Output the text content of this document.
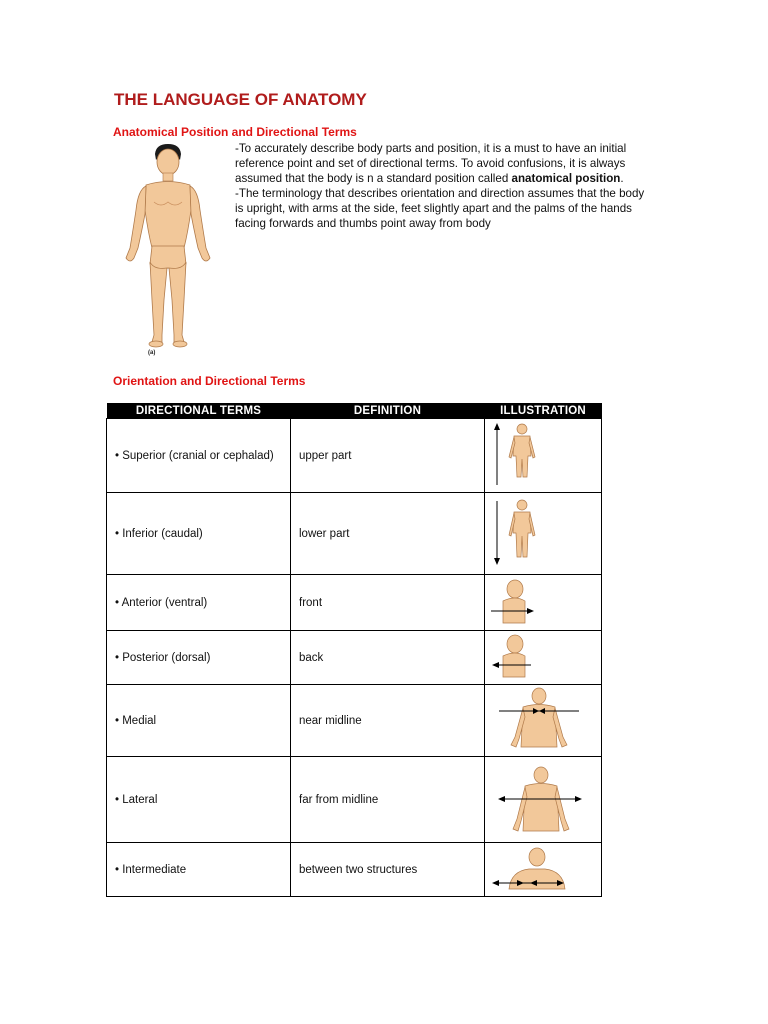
THE LANGUAGE OF ANATOMY
Anatomical Position and Directional Terms
(a)

-To accurately describe body parts and position, it is a must to have an initial reference point and set of directional terms. To avoid confusions, it is always assumed that the body is n a standard position called anatomical position.

-The terminology that describes orientation and direction assumes that the body is upright, with arms at the side, feet slightly apart and the palms of the hands facing forwards and thumbs point away from body

Orientation and Directional Terms
DIRECTIONAL TERMS	DEFINITION	ILLUSTRATION
• Superior (cranial or cephalad)	upper part	

• Inferior (caudal)	lower part	

• Anterior (ventral)	front	

• Posterior (dorsal)	back	

• Medial	near midline	

• Lateral	far from midline	

• Intermediate	between two structures	
